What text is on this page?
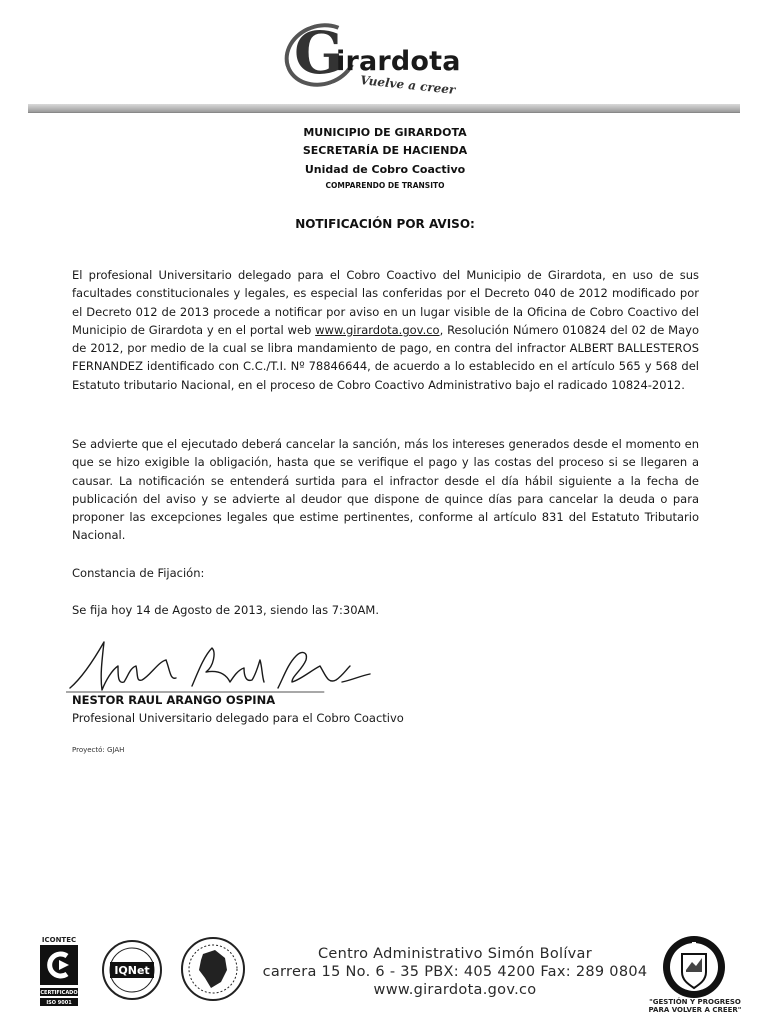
G
irardota
Vuelve a creer
MUNICIPIO DE GIRARDOTA
SECRETARÍA DE HACIENDA
Unidad de Cobro Coactivo
COMPARENDO DE TRANSITO
NOTIFICACIÓN POR AVISO:

El profesional Universitario delegado para el Cobro Coactivo del Municipio de Girardota, en uso de sus facultades constitucionales y legales, es especial las conferidas por el Decreto 040 de 2012 modificado por el Decreto 012 de 2013 procede a notificar por aviso en un lugar visible de la Oficina de Cobro Coactivo del Municipio de Girardota y en el portal web www.girardota.gov.co, Resolución Número 010824 del 02 de Mayo de 2012, por medio de la cual se libra mandamiento de pago, en contra del infractor ALBERT BALLESTEROS FERNANDEZ identificado con C.C./T.I. Nº 78846644, de acuerdo a lo establecido en el artículo 565 y 568 del Estatuto tributario Nacional, en el proceso de Cobro Coactivo Administrativo bajo el radicado 10824-2012.

Se advierte que el ejecutado deberá cancelar la sanción, más los intereses generados desde el momento en que se hizo exigible la obligación, hasta que se verifique el pago y las costas del proceso si se llegaren a causar. La notificación se entenderá surtida para el infractor desde el día hábil siguiente a la fecha de publicación del aviso y se advierte al deudor que dispone de quince días para cancelar la deuda o para proponer las excepciones legales que estime pertinentes, conforme al artículo 831 del Estatuto Tributario Nacional.

Constancia de Fijación:

Se fija hoy 14 de Agosto de 2013, siendo las 7:30AM.

NESTOR RAUL ARANGO OSPINA
Profesional Universitario delegado para el Cobro Coactivo
Proyectó: GJAH
ICONTEC
CERTIFICADO
ISO 9001
IQNet
Centro Administrativo Simón Bolívar
carrera 15 No. 6 - 35 PBX: 405 4200 Fax: 289 0804
www.girardota.gov.co
"GESTIÓN Y PROGRESO PARA VOLVER A CREER"
